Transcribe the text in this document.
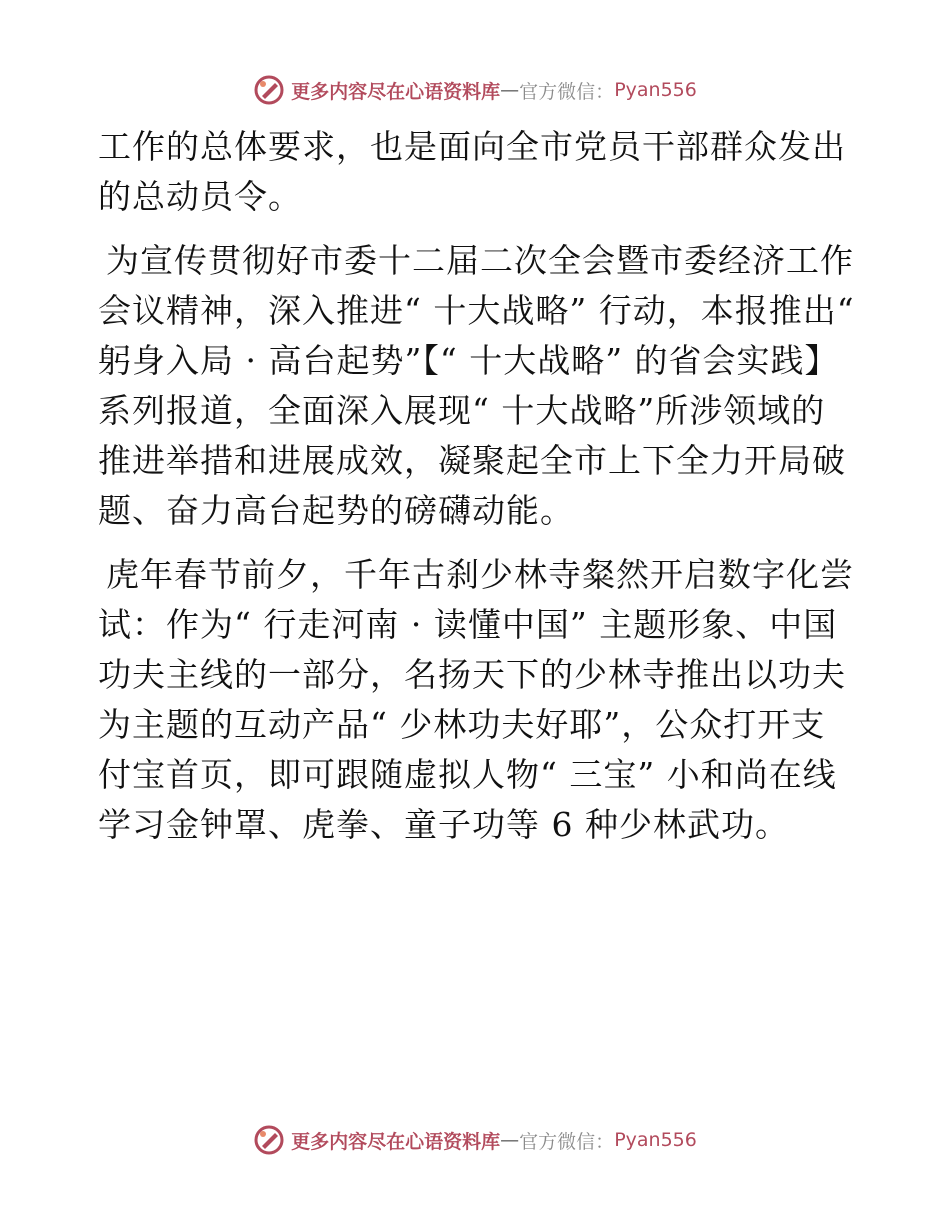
更多内容尽在心语资料库 — 官方微信： Pyan556

工作的总体要求，也是面向全市党员干部群众发出的总动员令。

为宣传贯彻好市委十二届二次全会暨市委经济工作会议精神，深入推进“ 十大战略” 行动，本报推出“ 躬身入局 · 高台起势”【“ 十大战略” 的省会实践】系列报道，全面深入展现“ 十大战略”所涉领域的推进举措和进展成效，凝聚起全市上下全力开局破题、奋力高台起势的磅礴动能。

虎年春节前夕，千年古刹少林寺粲然开启数字化尝试：作为“ 行走河南 · 读懂中国” 主题形象、中国功夫主线的一部分，名扬天下的少林寺推出以功夫为主题的互动产品“ 少林功夫好耶”，公众打开支付宝首页，即可跟随虚拟人物“ 三宝” 小和尚在线学习金钟罩、虎拳、童子功等 6 种少林武功。

更多内容尽在心语资料库 — 官方微信： Pyan556
